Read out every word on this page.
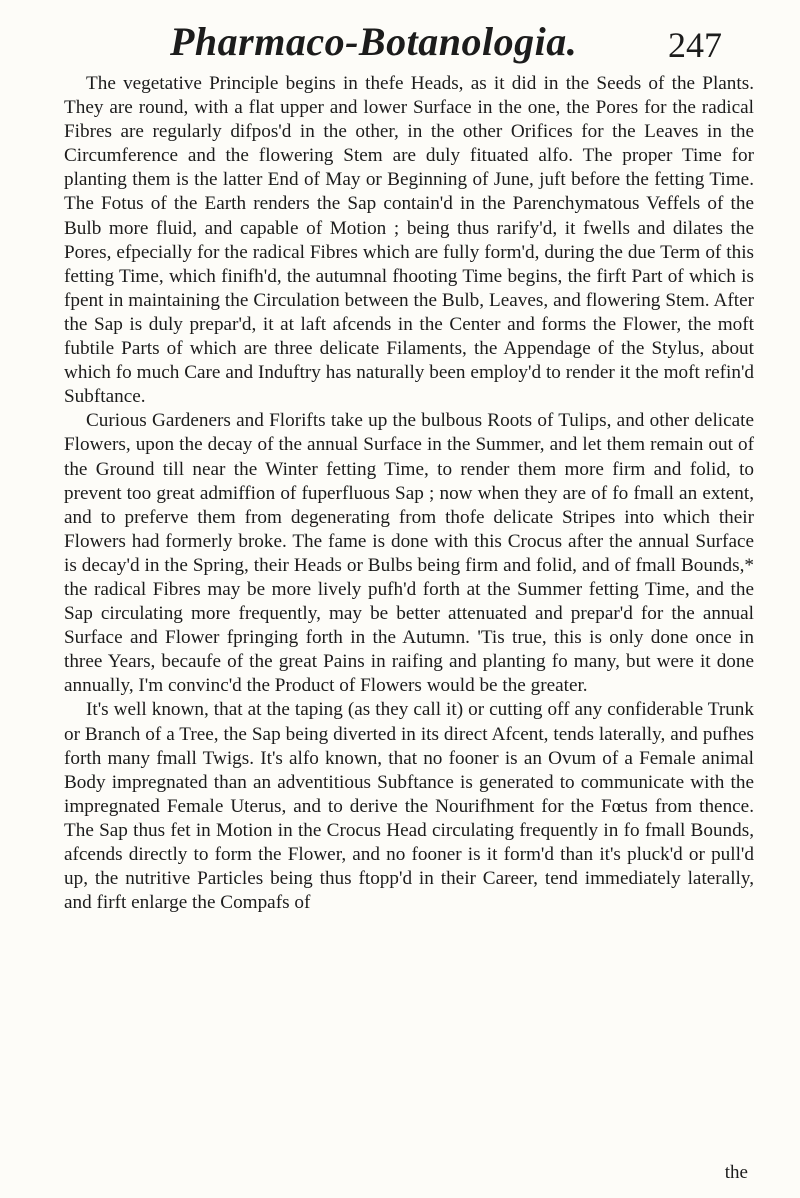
Pharmaco-Botanologia.	247

The vegetative Principle begins in thefe Heads, as it did in the Seeds of the Plants. They are round, with a flat upper and lower Surface in the one, the Pores for the radical Fibres are regularly difpos'd in the other, in the other Orifices for the Leaves in the Circumference and the flowering Stem are duly fituated alfo. The proper Time for planting them is the latter End of May or Beginning of June, juft before the fetting Time. The Fotus of the Earth renders the Sap contain'd in the Parenchymatous Veffels of the Bulb more fluid, and capable of Motion ; being thus rarify'd, it fwells and dilates the Pores, efpecially for the radical Fibres which are fully form'd, during the due Term of this fetting Time, which finifh'd, the autumnal fhooting Time begins, the firft Part of which is fpent in maintaining the Circulation between the Bulb, Leaves, and flowering Stem. After the Sap is duly prepar'd, it at laft afcends in the Center and forms the Flower, the moft fubtile Parts of which are three delicate Filaments, the Appendage of the Stylus, about which fo much Care and Induftry has naturally been employ'd to render it the moft refin'd Subftance.

Curious Gardeners and Florifts take up the bulbous Roots of Tulips, and other delicate Flowers, upon the decay of the annual Surface in the Summer, and let them remain out of the Ground till near the Winter fetting Time, to render them more firm and folid, to prevent too great admiffion of fuperfluous Sap ; now when they are of fo fmall an extent, and to preferve them from degenerating from thofe delicate Stripes into which their Flowers had formerly broke. The fame is done with this Crocus after the annual Surface is decay'd in the Spring, their Heads or Bulbs being firm and folid, and of fmall Bounds,* the radical Fibres may be more lively pufh'd forth at the Summer fetting Time, and the Sap circulating more frequently, may be better attenuated and prepar'd for the annual Surface and Flower fpringing forth in the Autumn. 'Tis true, this is only done once in three Years, becaufe of the great Pains in raifing and planting fo many, but were it done annually, I'm convinc'd the Product of Flowers would be the greater.

It's well known, that at the taping (as they call it) or cutting off any confiderable Trunk or Branch of a Tree, the Sap being diverted in its direct Afcent, tends laterally, and pufhes forth many fmall Twigs. It's alfo known, that no fooner is an Ovum of a Female animal Body impregnated than an adventitious Subftance is generated to communicate with the impregnated Female Uterus, and to derive the Nourifhment for the Fœtus from thence. The Sap thus fet in Motion in the Crocus Head circulating frequently in fo fmall Bounds, afcends directly to form the Flower, and no fooner is it form'd than it's pluck'd or pull'd up, the nutritive Particles being thus ftopp'd in their Career, tend immediately laterally, and firft enlarge the Compafs of

the
